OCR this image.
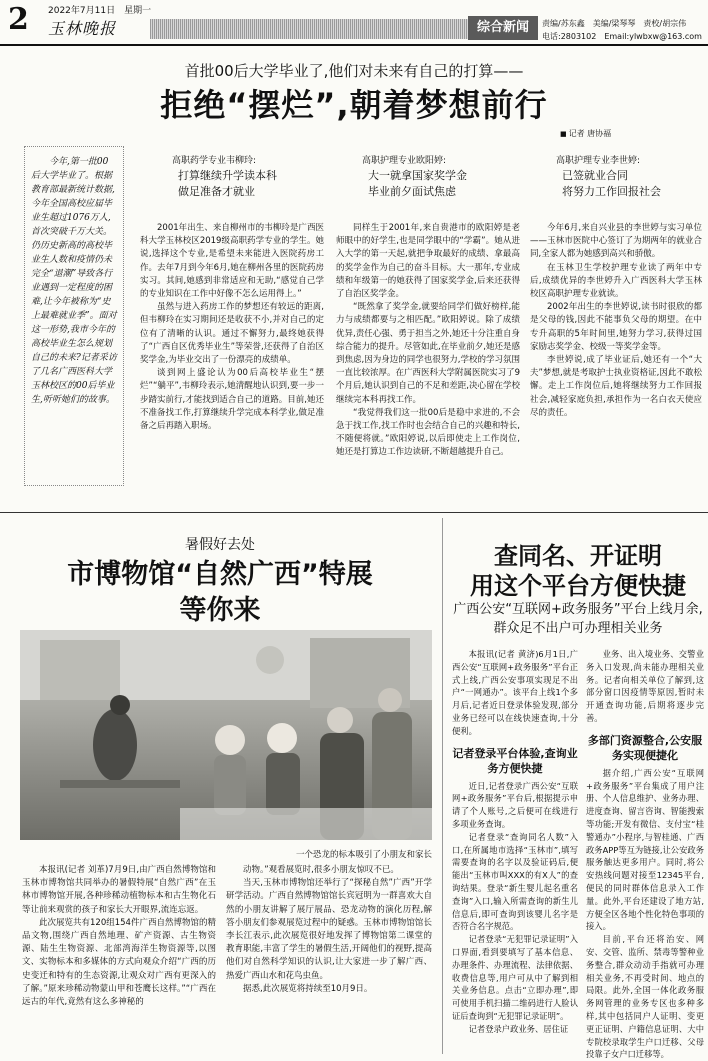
2 2022年7月11日　星期一
玉林晚报	综合新闻	责编/苏东鑫　美编/梁琴琴　责校/胡宗伟
电话:2803102　Email:ylwbxw@163.com
首批00后大学毕业了,他们对未来有自己的打算——
拒绝“摆烂”,朝着梦想前行
■ 记者 唐协福
今年,第一批00后大学毕业了。根据教育部最新统计数据,今年全国高校应届毕业生超过1076万人,首次突破千万大关。仍历史新高的高校毕业生人数和疫情仍未完全“退潮”导致各行业遇到一定程度的困难,让今年被称为“史上最难就业季”。面对这一形势,我市今年的高校毕业生怎么规划自己的未来?记者采访了几名广西医科大学玉林校区的00后毕业生,听听她们的故事。
高职药学专业韦柳玲:
打算继续升学读本科
做足准备才就业
高职护理专业欧阳婷:
大一就拿国家奖学金
毕业前夕面试焦虑
高职护理专业李世婷:
已签就业合同
将努力工作回报社会

2001年出生、来自柳州市的韦柳玲是广西医科大学玉林校区2019级高职药学专业的学生。她说,选择这个专业,是希望未来能进入医院药房工作。去年7月到今年6月,她在柳州各里的医院药房实习。其间,她感到非常适应和无助,“感觉自己学的专业知识在工作中好像不怎么运用得上。”

虽然与进入药房工作的梦想还有较远的距离,但韦柳玲在实习期间还是收获不小,并对自己的定位有了清晰的认识。通过不懈努力,最终她获得了“广西自区优秀毕业生”等荣誉,还获得了自治区奖学金,为毕业交出了一份漂亮的成绩单。

谈到网上盛论认为00后高校毕业生“摆烂”“躺平”,韦柳玲表示,她清醒地认识到,要一步一步踏实前行,才能找到适合自己的道路。目前,她还不准备找工作,打算继续升学完成本科学业,做足准备之后再踏入职场。

同样生于2001年,来自贵港市的欧阳婷是老师眼中的好学生,也是同学眼中的“学霸”。她从进入大学的第一天起,就把争取最好的成绩、拿最高的奖学金作为自己的奋斗目标。大一那年,专业成绩和年级第一的她获得了国家奖学金,后来还获得了自治区奖学金。

“既然拿了奖学金,就要给同学们做好榜样,能力与成绩都要与之相匹配。”欧阳婷说。除了成绩优异,责任心强、勇于担当之外,她还十分注重自身综合能力的提升。尽管如此,在毕业前夕,她还是感到焦虑,因为身边的同学也很努力,学校的学习氛围一直比较浓厚。在广西医科大学附属医院实习了9个月后,她认识到自己的不足和差距,决心留在学校继续完本科再找工作。

“我觉得我们这一批00后是稳中求进的,不会急于找工作,找工作时也会结合自己的兴趣和特长,不随便将就。”欧阳婷说,以后即使走上工作岗位,她还是打算边工作边读研,不断超越提升自己。

今年6月,来自兴业县的李世婷与实习单位——玉林市医院中心签订了为期两年的就业合同,全家人都为她感到高兴和骄傲。

在玉林卫生学校护理专业读了两年中专后,成绩优异的李世婷升入广西医科大学玉林校区高职护理专业就读。

2002年出生的李世婷说,读书时很欣的都是父母的钱,因此不能事负父母的期望。在中专升高职的5年时间里,她努力学习,获得过国家励志奖学金、校级一等奖学金等。

李世婷说,成了毕业证后,她还有一个“大夫”梦想,就是考取护士执业资格证,因此不敢松懈。走上工作岗位后,她将继续努力工作回报社会,减轻家庭负担,承担作为一名白衣天使应尽的责任。

暑假好去处
市博物馆“自然广西”特展
等你来
一个恐龙的标本吸引了小朋友和家长

本报讯(记者 刘革)7月9日,由广西自然博物馆和玉林市博物馆共同举办的暑假特展“自然广西”在玉林市博物馆开展,各种珍稀动植物标本和古生物化石等让前来观赏的孩子和家长大开眼界,流连忘返。

此次展览共有120组154件广西自然博物馆的精品文物,围绕广西自然地理、矿产资源、古生物资源、陆生生物资源、北部湾海洋生物资源等,以图文、实物标本和多媒体的方式向观众介绍“广西的历史变迁和特有的生态资源,让观众对广西有更深入的了解。”原来珍稀动物蒙山甲和苍鹰长这样。”“广西在远古的年代,竟然有这么多神秘的

动物。”观看展览时,很多小朋友惊叹不已。

当天,玉林市博物馆还举行了“探秘自然”广西”开学研学活动。广西自然博物馆馆长宾冠明为一群喜欢大自然的小朋友讲解了展厅展品、恐龙动物的演化历程,解答小朋友们参观展览过程中的疑惑。玉林市博物馆馆长李长江表示,此次展览很好地发挥了博物馆第二课堂的教育职能,丰富了学生的暑假生活,开阔他们的视野,提高他们对自然科学知识的认识,让大家进一步了解广西、热爱广西山水和花鸟虫鱼。

据悉,此次展览将持续至10月9日。

查同名、开证明
用这个平台方便快捷
广西公安“互联网+政务服务”平台上线月余,群众足不出户可办理相关业务

本报讯(记者 黄济)6月1日,广西公安“互联网+政务服务”平台正式上线,广西公安事项实现足不出户“一网通办”。该平台上线1个多月后,记者近日登录体验发现,部分业务已经可以在线快速查询,十分便利。

记者登录平台体验,查询业务方便快捷

近日,记者登录广西公安“互联网+政务服务”平台后,根据提示申请了个人账号,之后便可在线进行多项业务查询。

记者登录“查询同名人数”入口,在所属地市选择“玉林市”,填写需要查询的名字以及验证码后,便能出“玉林市叫XXX的有X人”的查询结果。登录“新生婴儿起名重名查询”入口,输入所需查询的新生儿信息后,即可查询到该婴儿名字是否符合名字规范。

记者登录“无犯罪记录证明”入口界面,看到要填写了基本信息、办理条件、办理流程、法律依据、收费信息等,用户可从中了解到相关业务信息。点击“立即办理”,即可使用手机扫描二维码进行人脸认证后查询到“无犯罪记录证明”。

记者登录户政业务、居住证

业务、出入境业务、交警业务入口发现,尚未能办理相关业务。记者向相关单位了解到,这部分窗口因疫情等原因,暂时未开通查询功能,后期将逐步完善。

多部门资源整合,公安服务实现便捷化

据介绍,广西公安“互联网+政务服务”平台集成了用户注册、个人信息维护、业务办理、进度查询、留言咨询、智能搜索等功能;开发有微信、支付宝“桂警通办”小程序,与智桂通、广西政务APP等互为链接,让公安政务服务触达更多用户。同时,将公安热线问题对接至12345平台,便民的同时群体信息录入工作量。此外,平台还建设了地方站,方便全区各地个性化特色事项的接入。

目前,平台还将治安、网安、交管、监所、禁毒等警种业务整合,群众动动手指就可办理相关业务,不再受时间、地点的局限。此外,全国一体化政务服务网管理的业务专区也多种多样,其中包括同户人证明、变更更正证明、户籍信息证明、大中专院校录取学生户口迁移、父母投靠子女户口迁移等。
